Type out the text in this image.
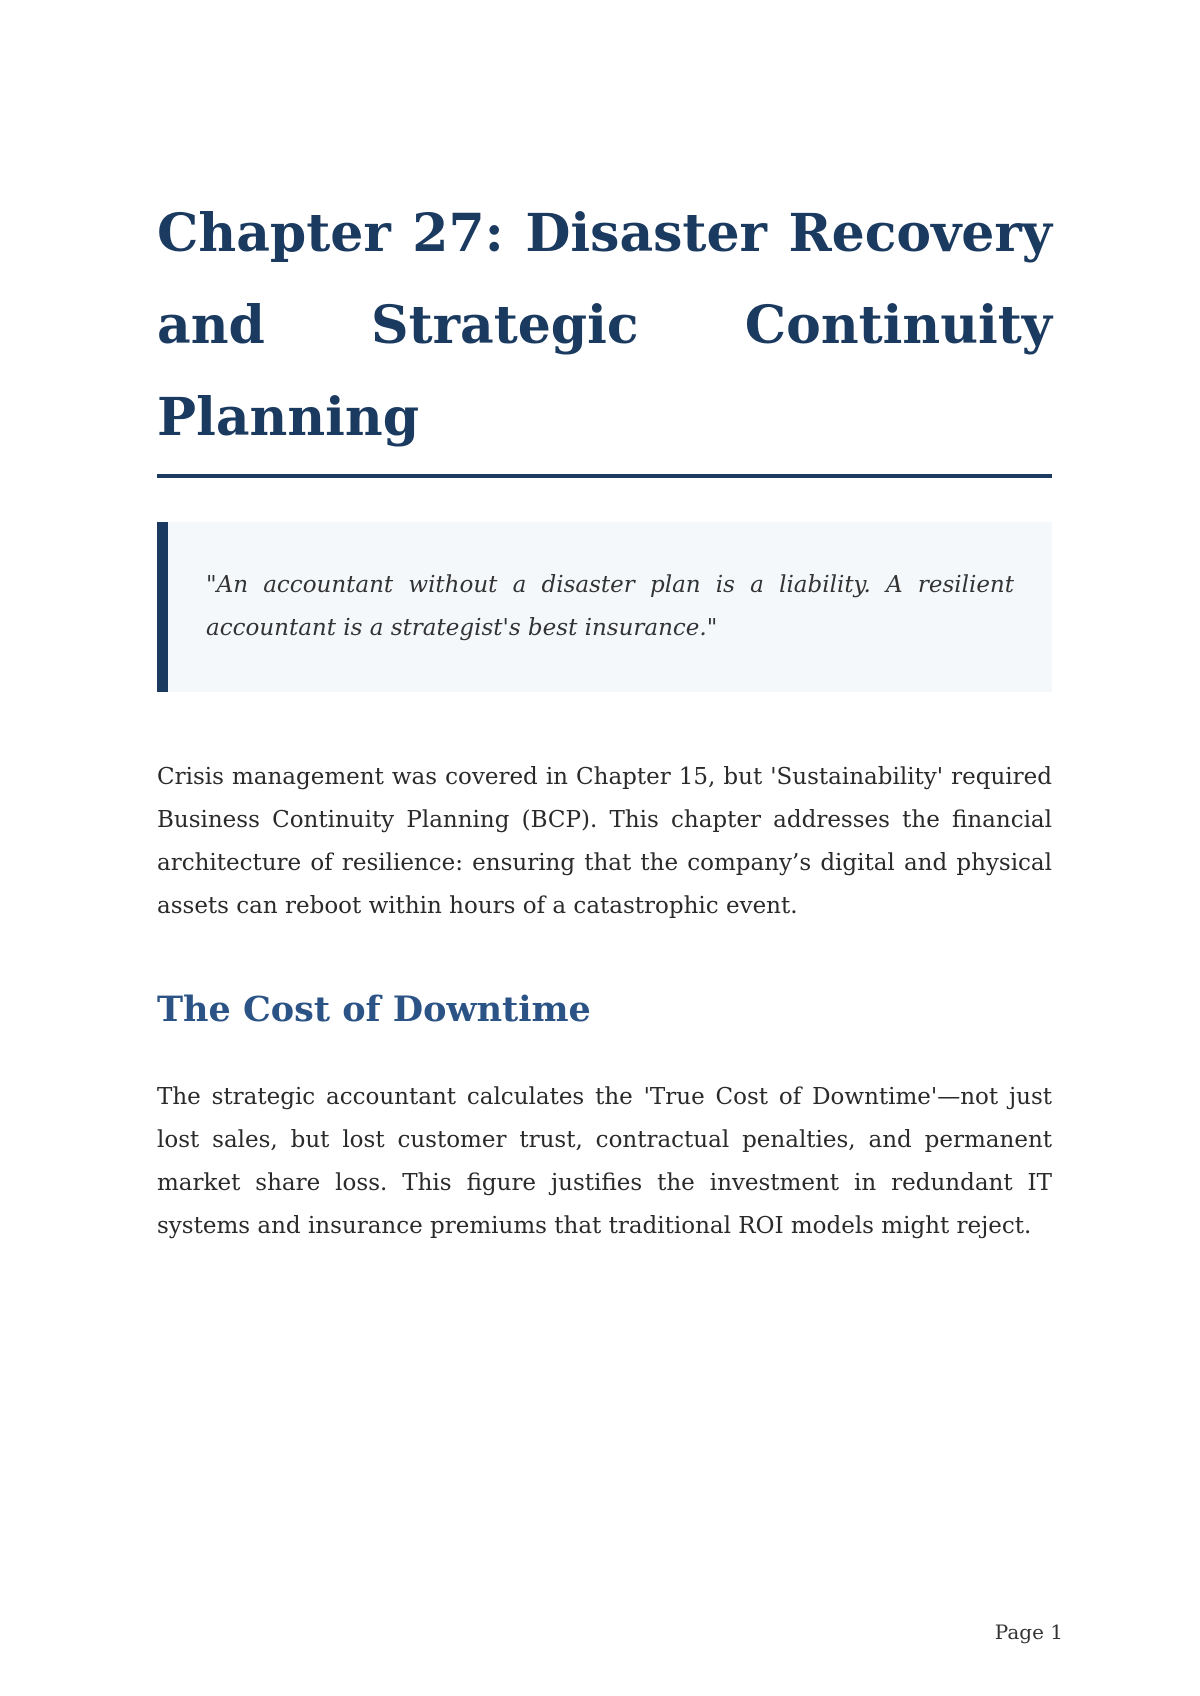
Chapter 27: Disaster Recovery and Strategic Continuity Planning

"An accountant without a disaster plan is a liability. A resilient accountant is a strategist's best insurance."

Crisis management was covered in Chapter 15, but 'Sustainability' required Business Continuity Planning (BCP). This chapter addresses the financial architecture of resilience: ensuring that the company’s digital and physical assets can reboot within hours of a catastrophic event.

The Cost of Downtime

The strategic accountant calculates the 'True Cost of Downtime'—not just lost sales, but lost customer trust, contractual penalties, and permanent market share loss. This figure justifies the investment in redundant IT systems and insurance premiums that traditional ROI models might reject.

Page 1
